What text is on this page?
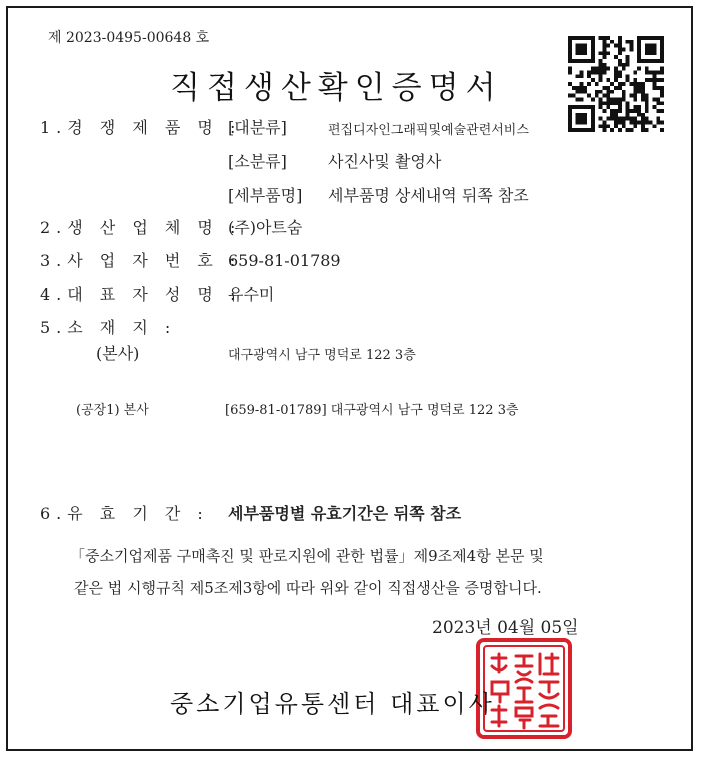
제 2023-0495-00648 호
직접생산확인증명서
1.경 쟁 제 품 명 :
[대분류]	편집디자인그래픽및예술관련서비스
[소분류]	사진사및 촬영사
[세부품명] 세부품명 상세내역 뒤쪽 참조
2.생 산 업 체 명 :
(주)아트숨
3.사 업 자 번 호 :
659-81-01789
4.대 표 자 성 명 :
유수미
5.소 재 지 :
(본사)	대구광역시 남구 명덕로 122 3층
(공장1) 본사	[659-81-01789] 대구광역시 남구 명덕로 122 3층
6.유 효 기 간 : 세부품명별 유효기간은 뒤쪽 참조
「중소기업제품 구매촉진 및 판로지원에 관한 법률」제9조제4항 본문 및
같은 법 시행규칙 제5조제3항에 따라 위와 같이 직접생산을 증명합니다.
2023년 04월 05일
중소기업유통센터 대표이사
